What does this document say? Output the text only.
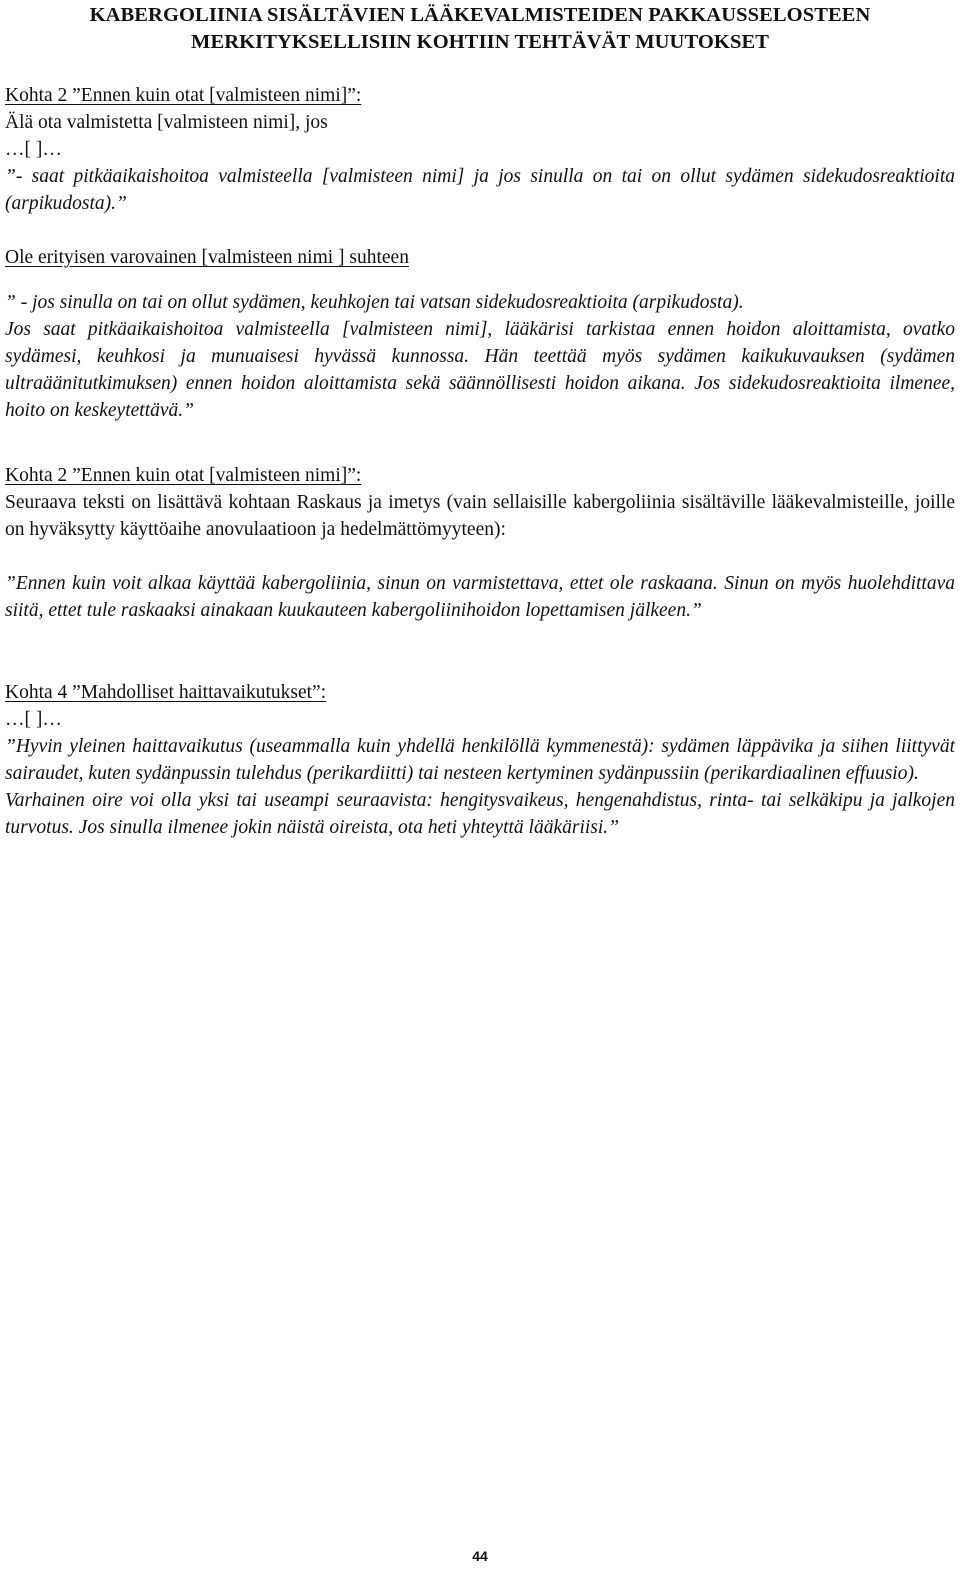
KABERGOLIINIA SISÄLTÄVIEN LÄÄKEVALMISTEIDEN PAKKAUSSELOSTEEN
MERKITYKSELLISIIN KOHTIIN TEHTÄVÄT MUUTOKSET
Kohta 2 ”Ennen kuin otat [valmisteen nimi]”:
Älä ota valmistetta [valmisteen nimi], jos
…[ ]…
”- saat pitkäaikaishoitoa valmisteella [valmisteen nimi] ja jos sinulla on tai on ollut sydämen sidekudosreaktioita (arpikudosta).”
Ole erityisen varovainen [valmisteen nimi ] suhteen
” - jos sinulla on tai on ollut sydämen, keuhkojen tai vatsan sidekudosreaktioita (arpikudosta).
Jos saat pitkäaikaishoitoa valmisteella [valmisteen nimi], lääkärisi tarkistaa ennen hoidon aloittamista, ovatko sydämesi, keuhkosi ja munuaisesi hyvässä kunnossa. Hän teettää myös sydämen kaikukuvauksen (sydämen ultraäänitutkimuksen) ennen hoidon aloittamista sekä säännöllisesti hoidon aikana. Jos sidekudosreaktioita ilmenee, hoito on keskeytettävä.”
Kohta 2 ”Ennen kuin otat [valmisteen nimi]”:
Seuraava teksti on lisättävä kohtaan Raskaus ja imetys (vain sellaisille kabergoliinia sisältäville lääkevalmisteille, joille on hyväksytty käyttöaihe anovulaatioon ja hedelmättömyyteen):
”Ennen kuin voit alkaa käyttää kabergoliinia, sinun on varmistettava, ettet ole raskaana. Sinun on myös huolehdittava siitä, ettet tule raskaaksi ainakaan kuukauteen kabergoliinihoidon lopettamisen jälkeen.”
Kohta 4 ”Mahdolliset haittavaikutukset”:
…[ ]…
”Hyvin yleinen haittavaikutus (useammalla kuin yhdellä henkilöllä kymmenestä): sydämen läppävika ja siihen liittyvät sairaudet, kuten sydänpussin tulehdus (perikardiitti) tai nesteen kertyminen sydänpussiin (perikardiaalinen effuusio).
Varhainen oire voi olla yksi tai useampi seuraavista: hengitysvaikeus, hengenahdistus, rinta- tai selkäkipu ja jalkojen turvotus. Jos sinulla ilmenee jokin näistä oireista, ota heti yhteyttä lääkäriisi.”
44
